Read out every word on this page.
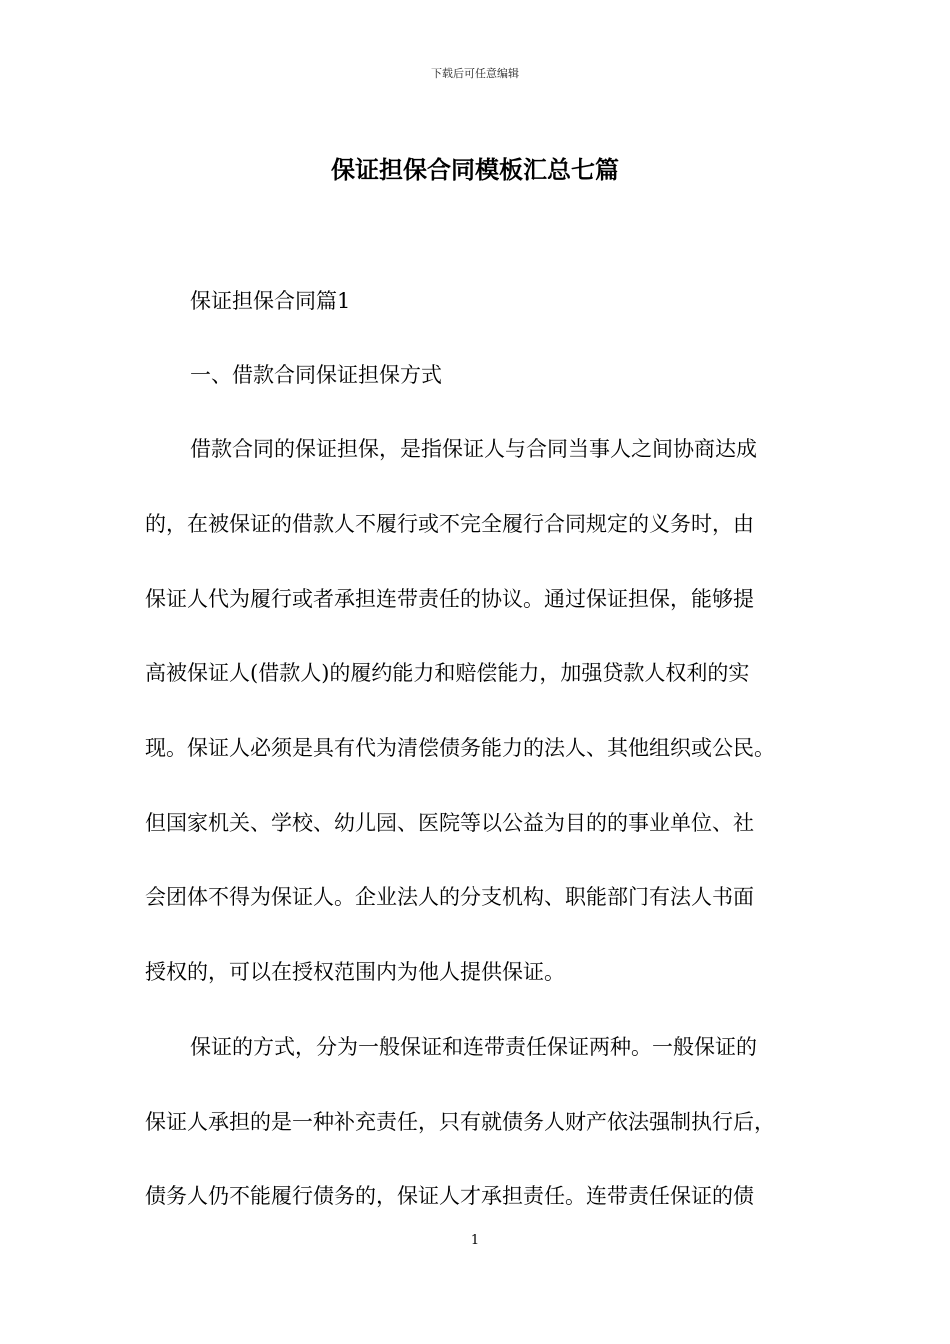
下载后可任意编辑
保证担保合同模板汇总七篇

保证担保合同篇1

一、借款合同保证担保方式

借款合同的保证担保，是指保证人与合同当事人之间协商达成

的，在被保证的借款人不履行或不完全履行合同规定的义务时，由

保证人代为履行或者承担连带责任的协议。通过保证担保，能够提

高被保证人(借款人)的履约能力和赔偿能力，加强贷款人权利的实

现。保证人必须是具有代为清偿债务能力的法人、其他组织或公民。

但国家机关、学校、幼儿园、医院等以公益为目的的事业单位、社

会团体不得为保证人。企业法人的分支机构、职能部门有法人书面

授权的，可以在授权范围内为他人提供保证。

保证的方式，分为一般保证和连带责任保证两种。一般保证的

保证人承担的是一种补充责任，只有就债务人财产依法强制执行后，

债务人仍不能履行债务的，保证人才承担责任。连带责任保证的债

1
